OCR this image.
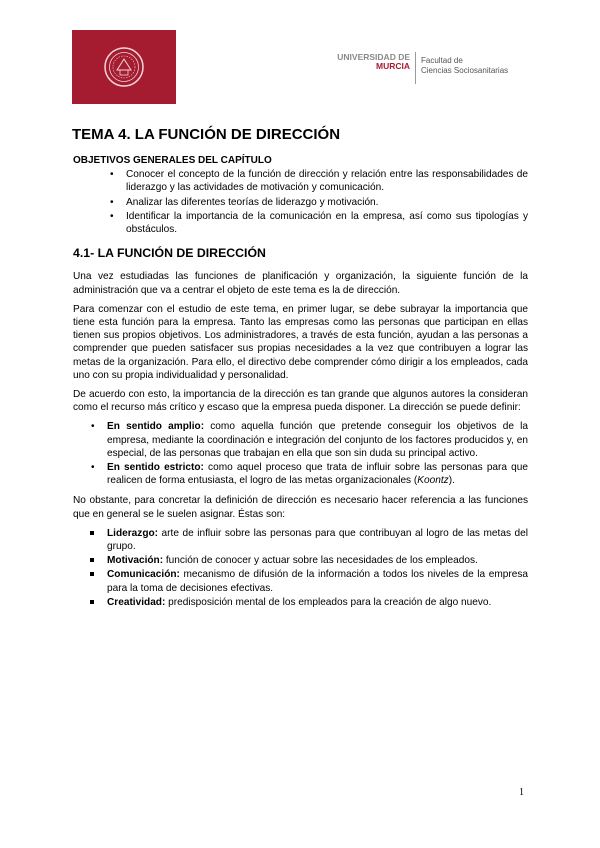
UNIVERSIDAD DE
MURCIA
Facultad de
Ciencias Sociosanitarias
TEMA 4. LA FUNCIÓN DE DIRECCIÓN
OBJETIVOS GENERALES DEL CAPÍTULO
• Conocer el concepto de la función de dirección y relación entre las responsabilidades de liderazgo y las actividades de motivación y comunicación.
• Analizar las diferentes teorías de liderazgo y motivación.
• Identificar la importancia de la comunicación en la empresa, así como sus tipologías y obstáculos.
4.1- LA FUNCIÓN DE DIRECCIÓN

Una vez estudiadas las funciones de planificación y organización, la siguiente función de la administración que va a centrar el objeto de este tema es la de dirección.

Para comenzar con el estudio de este tema, en primer lugar, se debe subrayar la importancia que tiene esta función para la empresa. Tanto las empresas como las personas que participan en ellas tienen sus propios objetivos. Los administradores, a través de esta función, ayudan a las personas a comprender que pueden satisfacer sus propias necesidades a la vez que contribuyen a lograr las metas de la organización. Para ello, el directivo debe comprender cómo dirigir a los empleados, cada uno con su propia individualidad y personalidad.

De acuerdo con esto, la importancia de la dirección es tan grande que algunos autores la consideran como el recurso más crítico y escaso que la empresa pueda disponer. La dirección se puede definir:

• En sentido amplio: como aquella función que pretende conseguir los objetivos de la empresa, mediante la coordinación e integración del conjunto de los factores producidos y, en especial, de las personas que trabajan en ella que son sin duda su principal activo.
• En sentido estricto: como aquel proceso que trata de influir sobre las personas para que realicen de forma entusiasta, el logro de las metas organizacionales (Koontz).

No obstante, para concretar la definición de dirección es necesario hacer referencia a las funciones que en general se le suelen asignar. Éstas son:

Liderazgo: arte de influir sobre las personas para que contribuyan al logro de las metas del grupo.
Motivación: función de conocer y actuar sobre las necesidades de los empleados.
Comunicación: mecanismo de difusión de la información a todos los niveles de la empresa para la toma de decisiones efectivas.
Creatividad: predisposición mental de los empleados para la creación de algo nuevo.
1
